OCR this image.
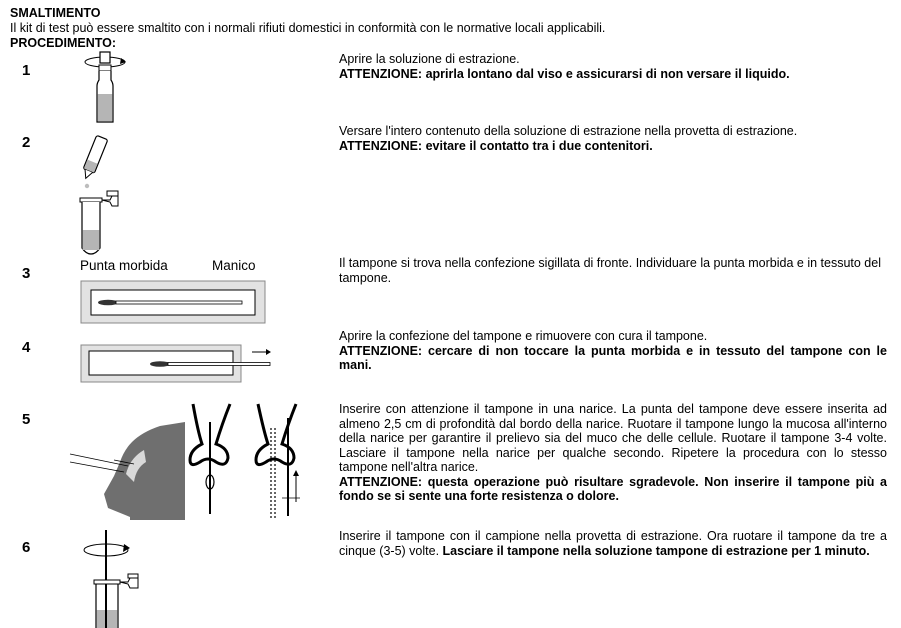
SMALTIMENTO
Il kit di test può essere smaltito con i normali rifiuti domestici in conformità con le normative locali applicabili.
PROCEDIMENTO:
1
2
3
4
5
6
Aprire la soluzione di estrazione.
ATTENZIONE: aprirla lontano dal viso e assicurarsi di non versare il liquido.
Versare l'intero contenuto della soluzione di estrazione nella provetta di estrazione.
ATTENZIONE: evitare il contatto tra i due contenitori.
Il tampone si trova nella confezione sigillata di fronte. Individuare la punta morbida e in tessuto del tampone.
Aprire la confezione del tampone e rimuovere con cura il tampone.
ATTENZIONE: cercare di non toccare la punta morbida e in tessuto del tampone con le mani.
Inserire con attenzione il tampone in una narice. La punta del tampone deve essere inserita ad almeno 2,5 cm di profondità dal bordo della narice. Ruotare il tampone lungo la mucosa all'interno della narice per garantire il prelievo sia del muco che delle cellule. Ruotare il tampone 3-4 volte. Lasciare il tampone nella narice per qualche secondo. Ripetere la procedura con lo stesso tampone nell'altra narice.
ATTENZIONE: questa operazione può risultare sgradevole. Non inserire il tampone più a fondo se si sente una forte resistenza o dolore.
Inserire il tampone con il campione nella provetta di estrazione. Ora ruotare il tampone da tre a cinque (3-5) volte. Lasciare il tampone nella soluzione tampone di estrazione per 1 minuto.
Punta morbida	Manico
